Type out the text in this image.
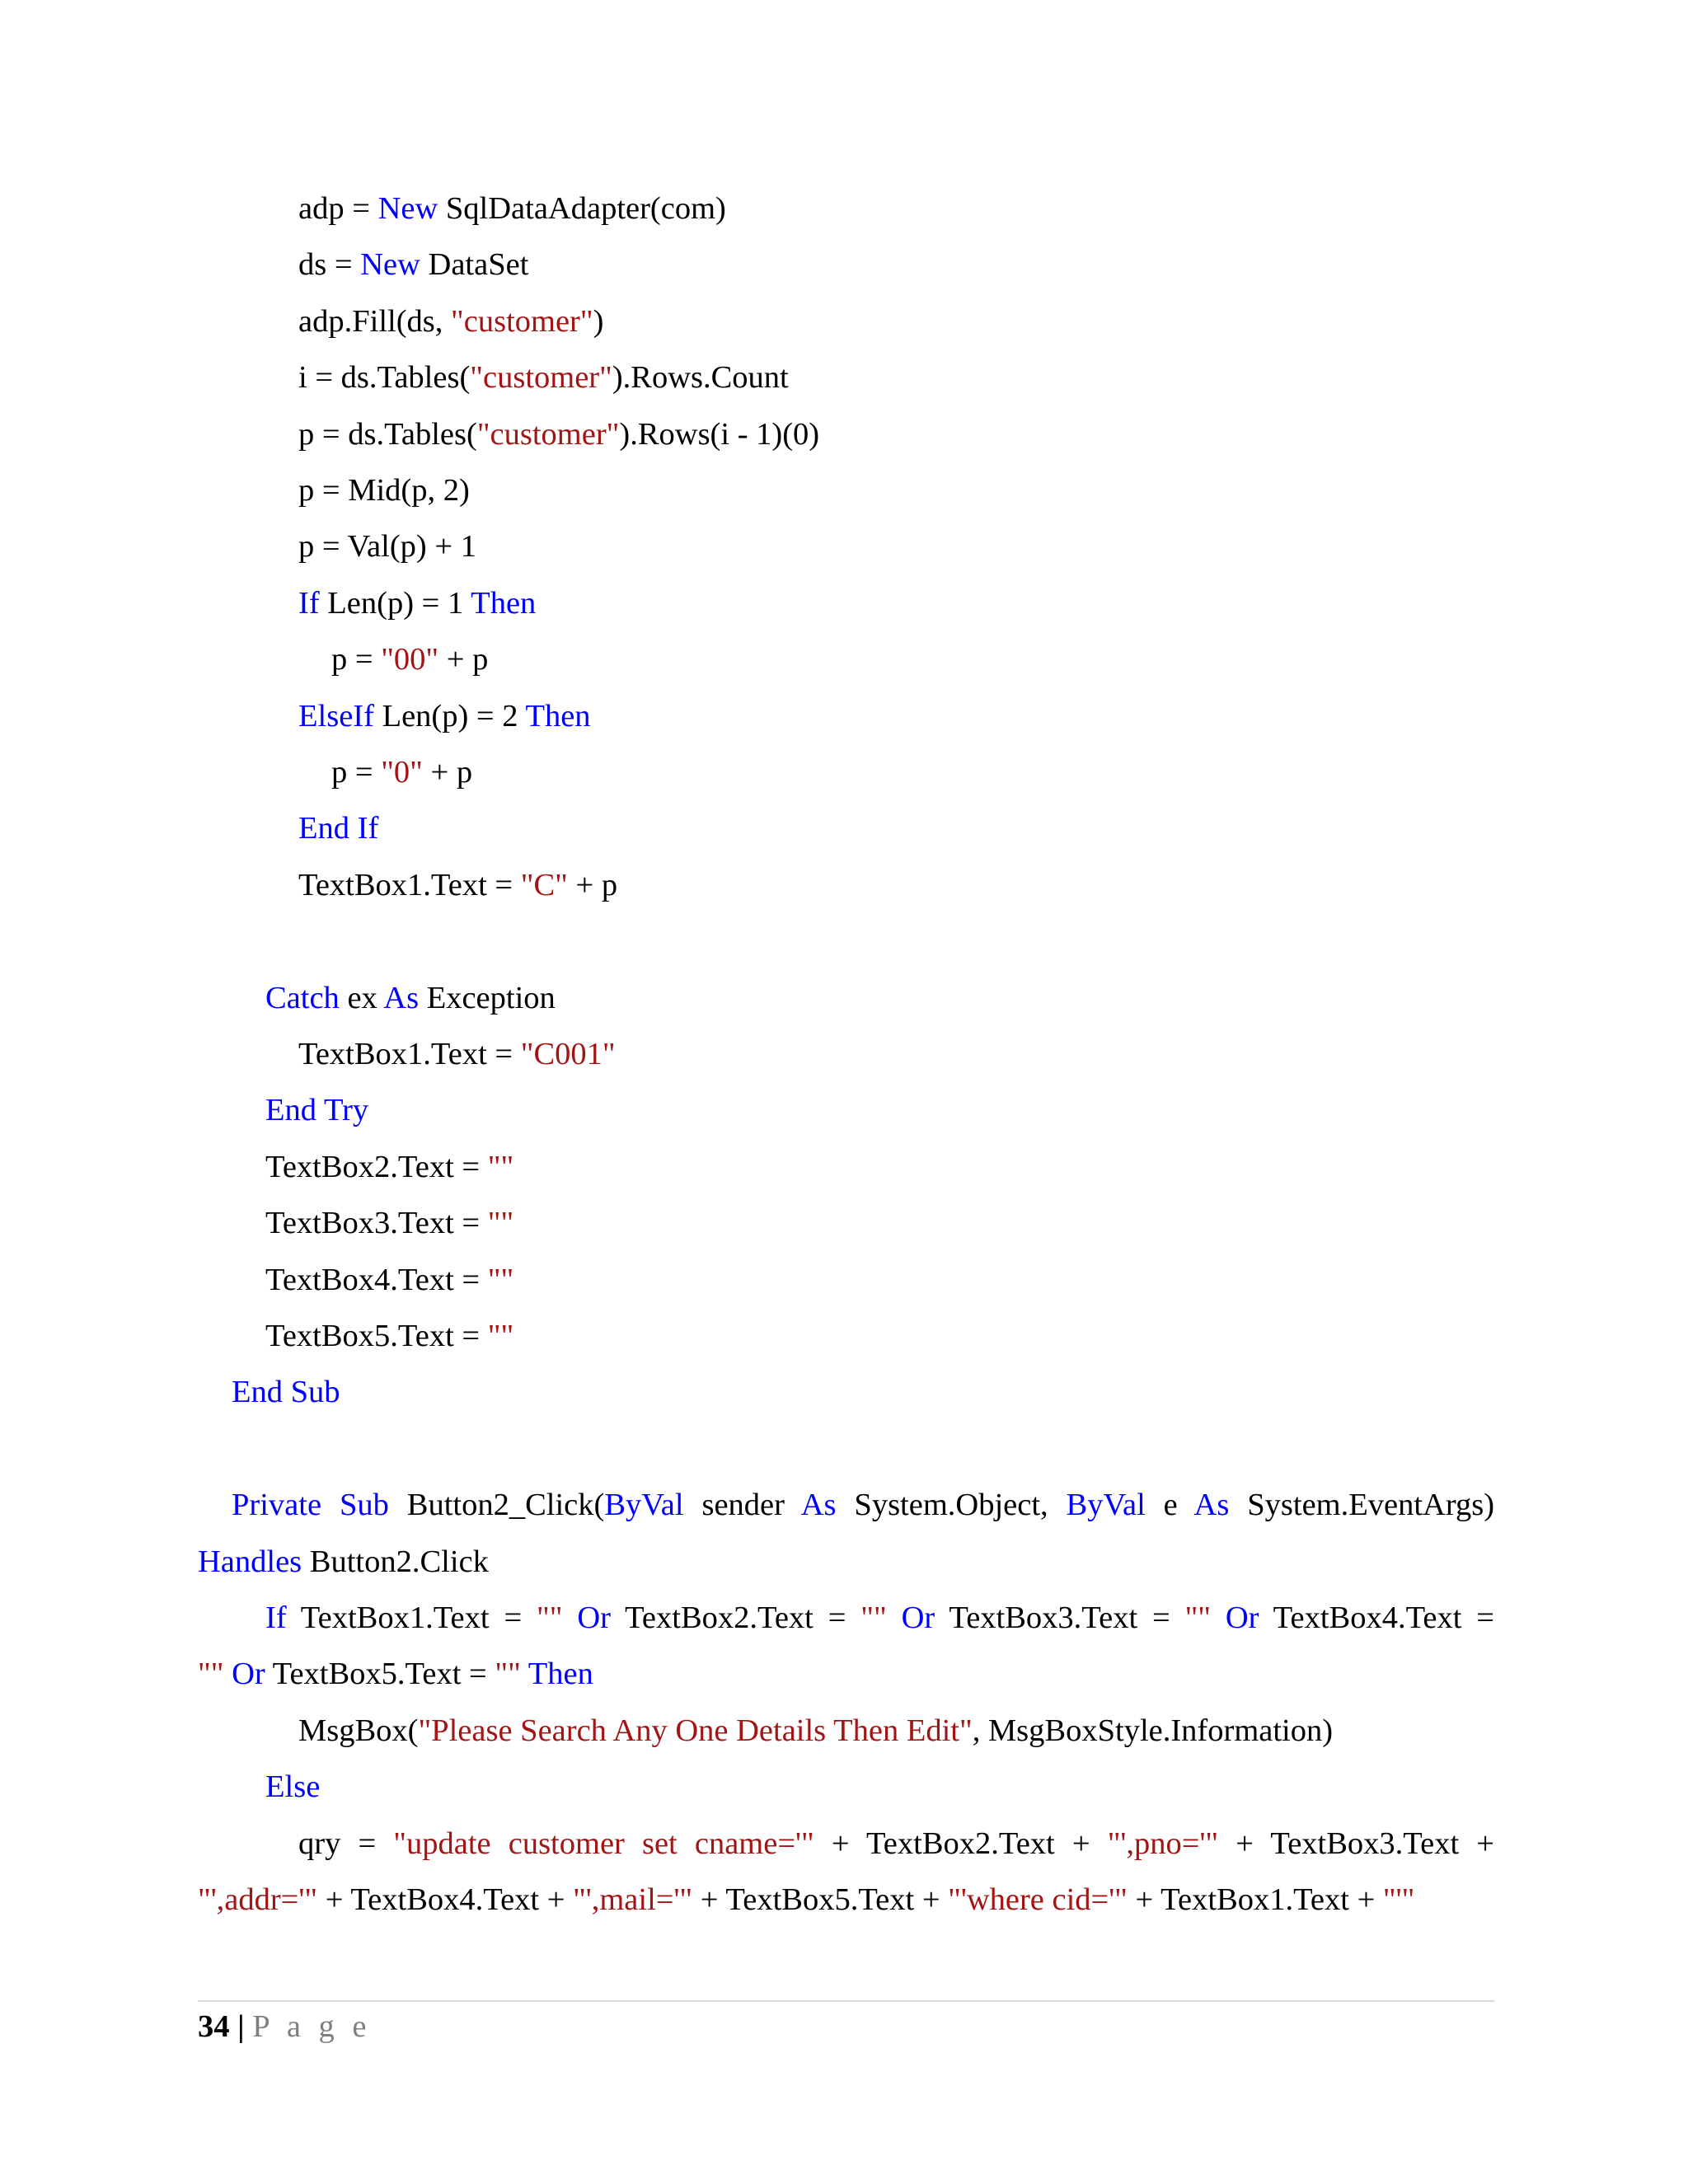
adp = New SqlDataAdapter(com)
ds = New DataSet
adp.Fill(ds, "customer")
i = ds.Tables("customer").Rows.Count
p = ds.Tables("customer").Rows(i - 1)(0)
p = Mid(p, 2)
p = Val(p) + 1
If Len(p) = 1 Then
p = "00" + p
ElseIf Len(p) = 2 Then
p = "0" + p
End If
TextBox1.Text = "C" + p
Catch ex As Exception
TextBox1.Text = "C001"
End Try
TextBox2.Text = ""
TextBox3.Text = ""
TextBox4.Text = ""
TextBox5.Text = ""
End Sub
Private Sub Button2_Click(ByVal sender As System.Object, ByVal e As System.EventArgs)
Handles Button2.Click
If TextBox1.Text = "" Or TextBox2.Text = "" Or TextBox3.Text = "" Or TextBox4.Text =
"" Or TextBox5.Text = "" Then
MsgBox("Please Search Any One Details Then Edit", MsgBoxStyle.Information)
Else
qry = "update customer set cname='" + TextBox2.Text + "',pno='" + TextBox3.Text +
"',addr='" + TextBox4.Text + "',mail='" + TextBox5.Text + "'where cid='" + TextBox1.Text + "'"
34 | P a g e
